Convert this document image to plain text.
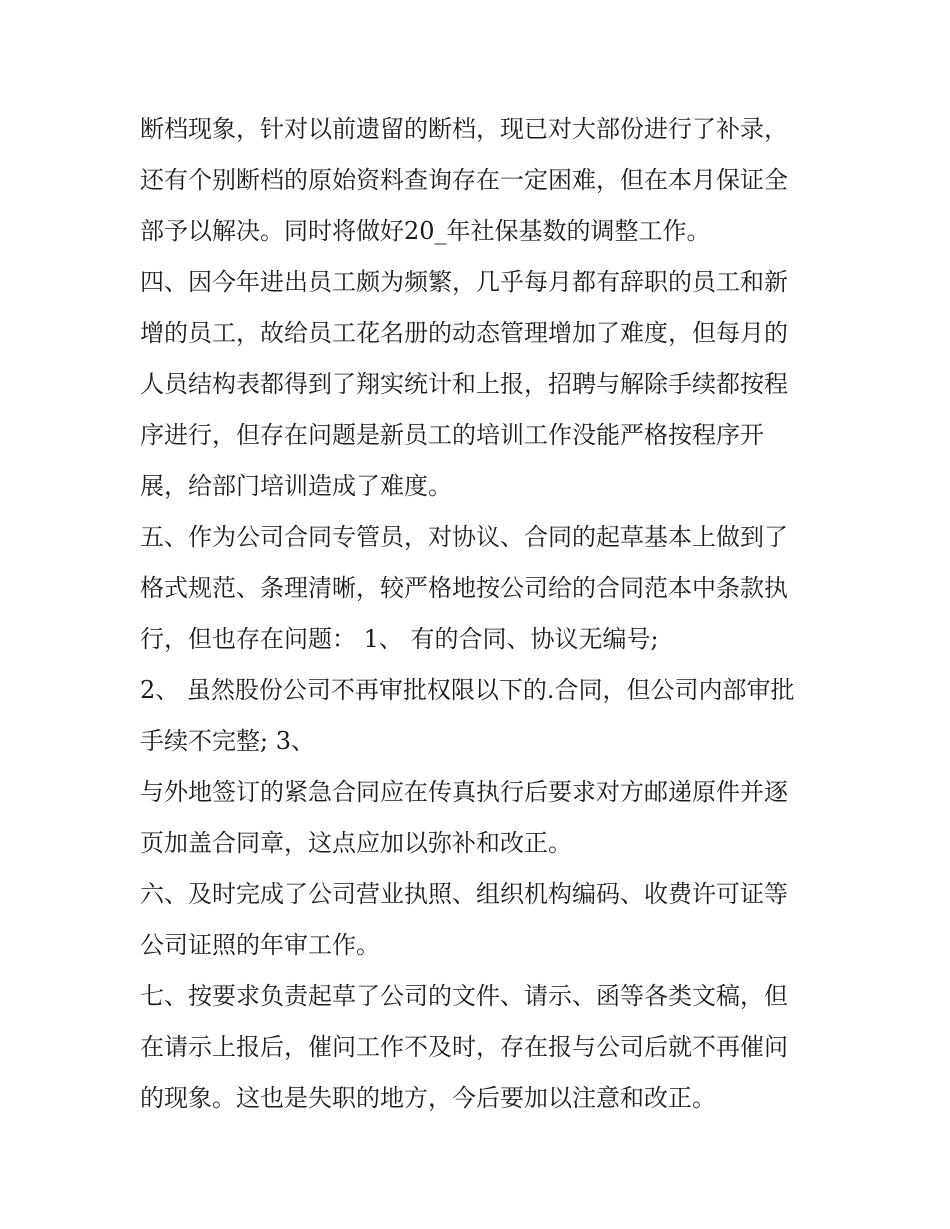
断档现象，针对以前遗留的断档，现已对大部份进行了补录，
还有个别断档的原始资料查询存在一定困难，但在本月保证全
部予以解决。同时将做好20_年社保基数的调整工作。
四、因今年进出员工颇为频繁，几乎每月都有辞职的员工和新
增的员工，故给员工花名册的动态管理增加了难度，但每月的
人员结构表都得到了翔实统计和上报，招聘与解除手续都按程
序进行，但存在问题是新员工的培训工作没能严格按程序开
展，给部门培训造成了难度。
五、作为公司合同专管员，对协议、合同的起草基本上做到了
格式规范、条理清晰，较严格地按公司给的合同范本中条款执
行，但也存在问题： 1、 有的合同、协议无编号;
2、 虽然股份公司不再审批权限以下的.合同，但公司内部审批
手续不完整; 3、
与外地签订的紧急合同应在传真执行后要求对方邮递原件并逐
页加盖合同章，这点应加以弥补和改正。
六、及时完成了公司营业执照、组织机构编码、收费许可证等
公司证照的年审工作。
七、按要求负责起草了公司的文件、请示、函等各类文稿，但
在请示上报后，催问工作不及时，存在报与公司后就不再催问
的现象。这也是失职的地方，今后要加以注意和改正。
